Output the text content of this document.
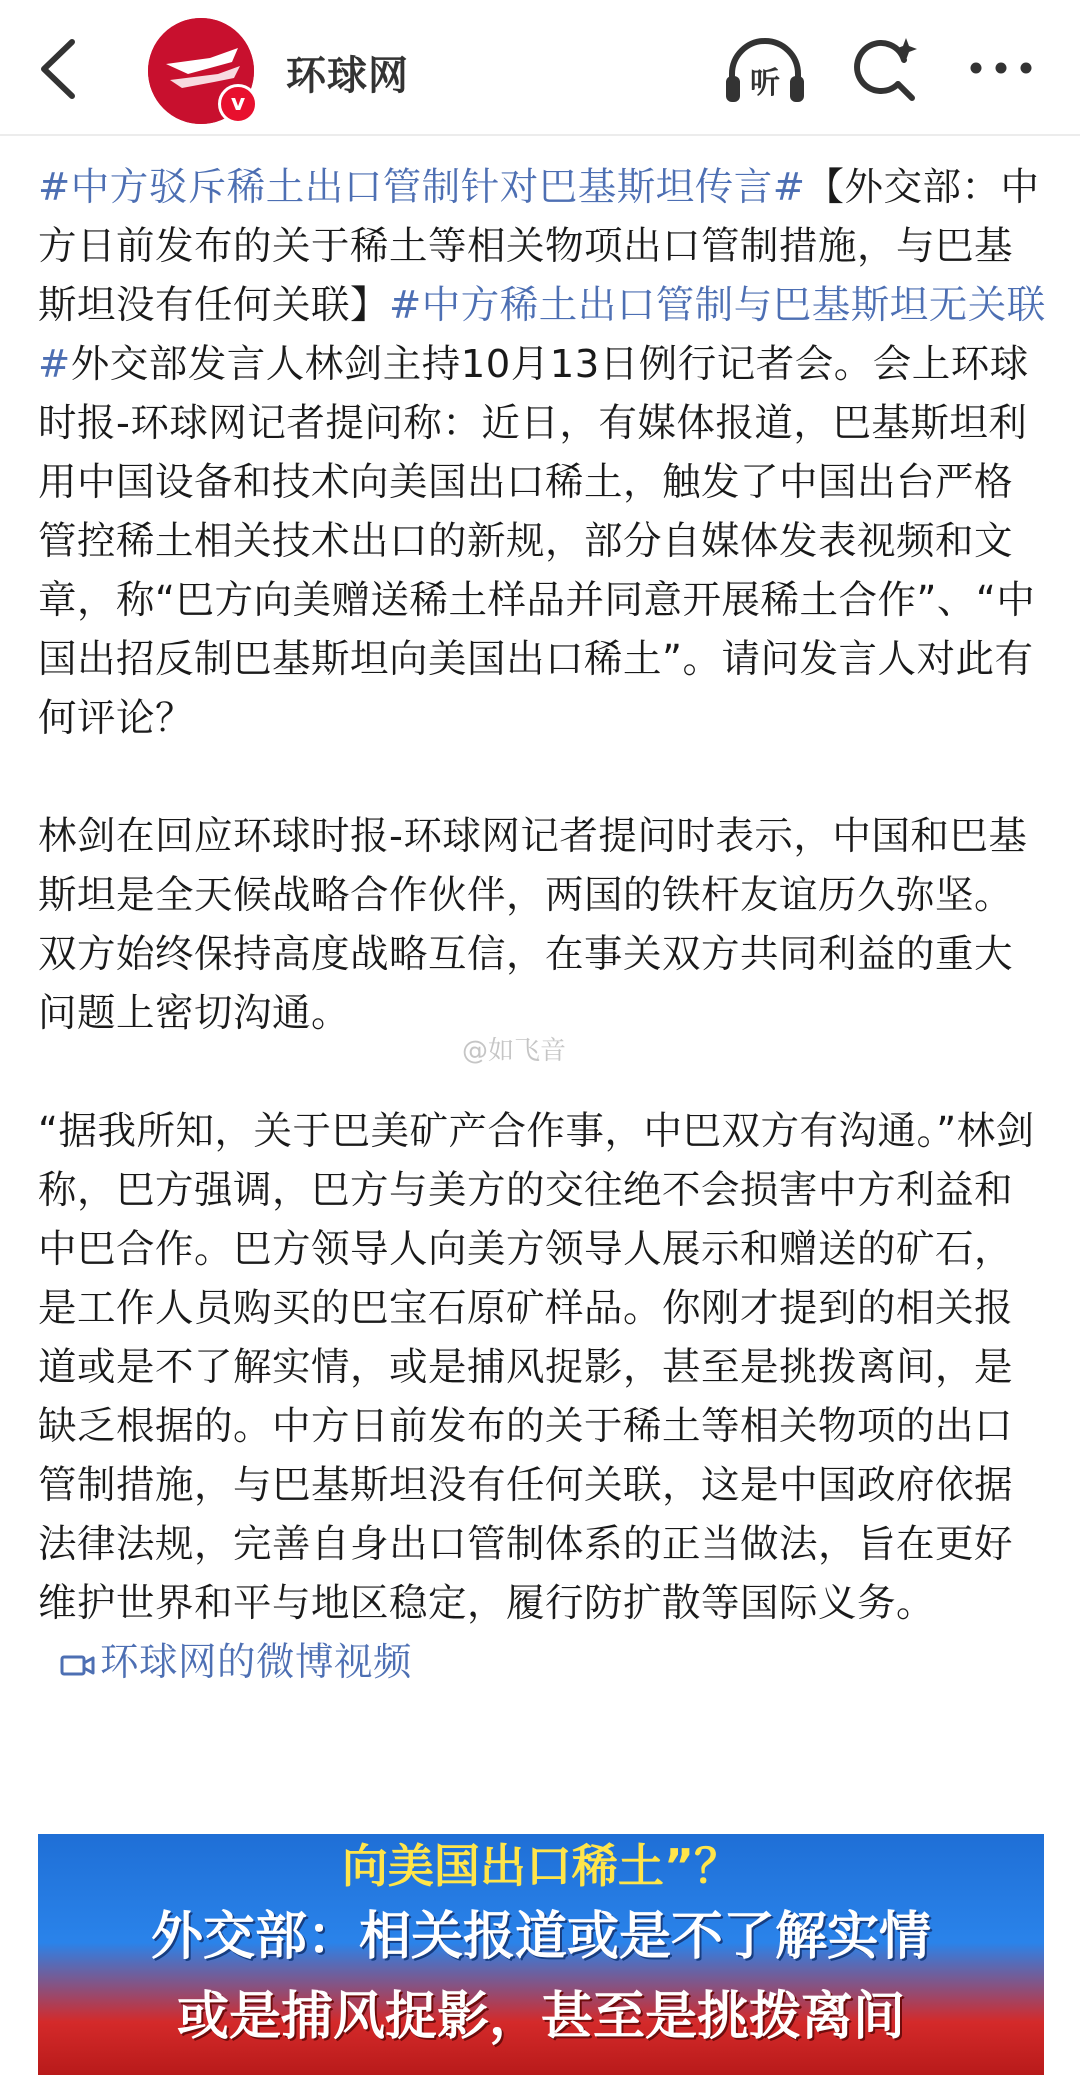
v
环球网	听

#中方驳斥稀土出口管制针对巴基斯坦传言#【外交部：中方日前发布的关于稀土等相关物项出口管制措施，与巴基斯坦没有任何关联】#中方稀土出口管制与巴基斯坦无关联#外交部发言人林剑主持10月13日例行记者会。会上环球时报-环球网记者提问称：近日，有媒体报道，巴基斯坦利用中国设备和技术向美国出口稀土，触发了中国出台严格管控稀土相关技术出口的新规，部分自媒体发表视频和文章，称“巴方向美赠送稀土样品并同意开展稀土合作”、“中国出招反制巴基斯坦向美国出口稀土”。请问发言人对此有何评论？

林剑在回应环球时报-环球网记者提问时表示，中国和巴基斯坦是全天候战略合作伙伴，两国的铁杆友谊历久弥坚。双方始终保持高度战略互信，在事关双方共同利益的重大问题上密切沟通。

“据我所知，关于巴美矿产合作事，中巴双方有沟通。”林剑称，巴方强调，巴方与美方的交往绝不会损害中方利益和中巴合作。巴方领导人向美方领导人展示和赠送的矿石，是工作人员购买的巴宝石原矿样品。你刚才提到的相关报道或是不了解实情，或是捕风捉影，甚至是挑拨离间，是缺乏根据的。中方日前发布的关于稀土等相关物项的出口管制措施，与巴基斯坦没有任何关联，这是中国政府依据法律法规，完善自身出口管制体系的正当做法，旨在更好维护世界和平与地区稳定，履行防扩散等国际义务。环球网的微博视频

@如飞音
向美国出口稀土”？
外交部：相关报道或是不了解实情
或是捕风捉影，甚至是挑拨离间
